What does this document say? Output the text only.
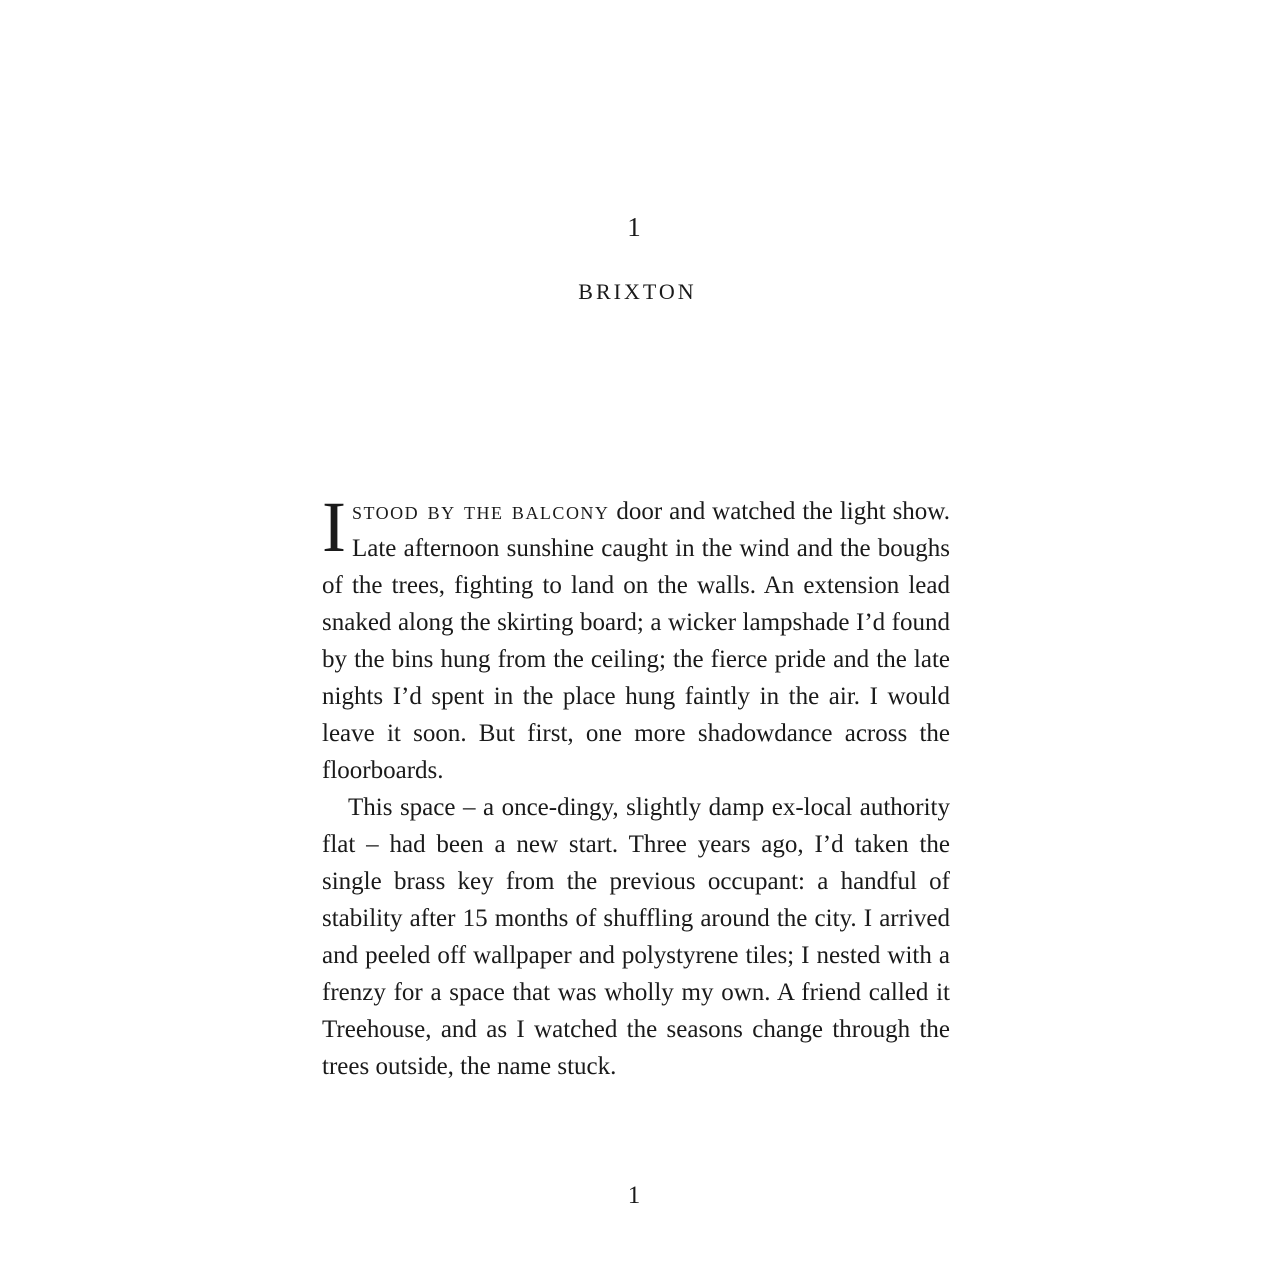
1
BRIXTON

Istood by the balcony door and watched the light show. Late afternoon sunshine caught in the wind and the boughs of the trees, fighting to land on the walls. An extension lead snaked along the skirting board; a wicker lampshade I’d found by the bins hung from the ceiling; the fierce pride and the late nights I’d spent in the place hung faintly in the air. I would leave it soon. But first, one more shadowdance across the floorboards.

This space – a once-dingy, slightly damp ex-local authority flat – had been a new start. Three years ago, I’d taken the single brass key from the previous occupant: a handful of stability after 15 months of shuffling around the city. I arrived and peeled off wallpaper and polystyrene tiles; I nested with a frenzy for a space that was wholly my own. A friend called it Treehouse, and as I watched the seasons change through the trees outside, the name stuck.

1
